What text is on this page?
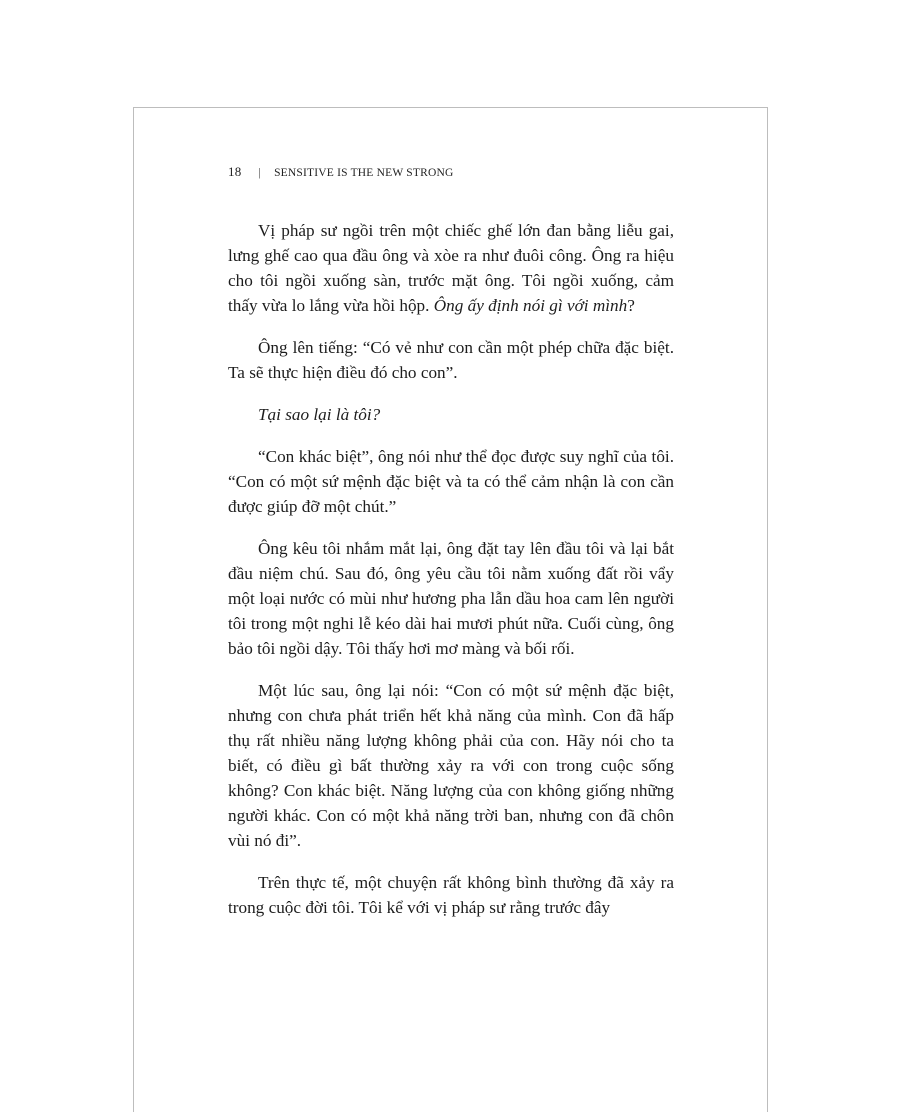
18 | SENSITIVE IS THE NEW STRONG

Vị pháp sư ngồi trên một chiếc ghế lớn đan bằng liễu gai, lưng ghế cao qua đầu ông và xòe ra như đuôi công. Ông ra hiệu cho tôi ngồi xuống sàn, trước mặt ông. Tôi ngồi xuống, cảm thấy vừa lo lắng vừa hồi hộp. Ông ấy định nói gì với mình?

Ông lên tiếng: “Có vẻ như con cần một phép chữa đặc biệt. Ta sẽ thực hiện điều đó cho con”.

Tại sao lại là tôi?

“Con khác biệt”, ông nói như thể đọc được suy nghĩ của tôi. “Con có một sứ mệnh đặc biệt và ta có thể cảm nhận là con cần được giúp đỡ một chút.”

Ông kêu tôi nhắm mắt lại, ông đặt tay lên đầu tôi và lại bắt đầu niệm chú. Sau đó, ông yêu cầu tôi nằm xuống đất rồi vẩy một loại nước có mùi như hương pha lẫn dầu hoa cam lên người tôi trong một nghi lễ kéo dài hai mươi phút nữa. Cuối cùng, ông bảo tôi ngồi dậy. Tôi thấy hơi mơ màng và bối rối.

Một lúc sau, ông lại nói: “Con có một sứ mệnh đặc biệt, nhưng con chưa phát triển hết khả năng của mình. Con đã hấp thụ rất nhiều năng lượng không phải của con. Hãy nói cho ta biết, có điều gì bất thường xảy ra với con trong cuộc sống không? Con khác biệt. Năng lượng của con không giống những người khác. Con có một khả năng trời ban, nhưng con đã chôn vùi nó đi”.

Trên thực tế, một chuyện rất không bình thường đã xảy ra trong cuộc đời tôi. Tôi kể với vị pháp sư rằng trước đây
